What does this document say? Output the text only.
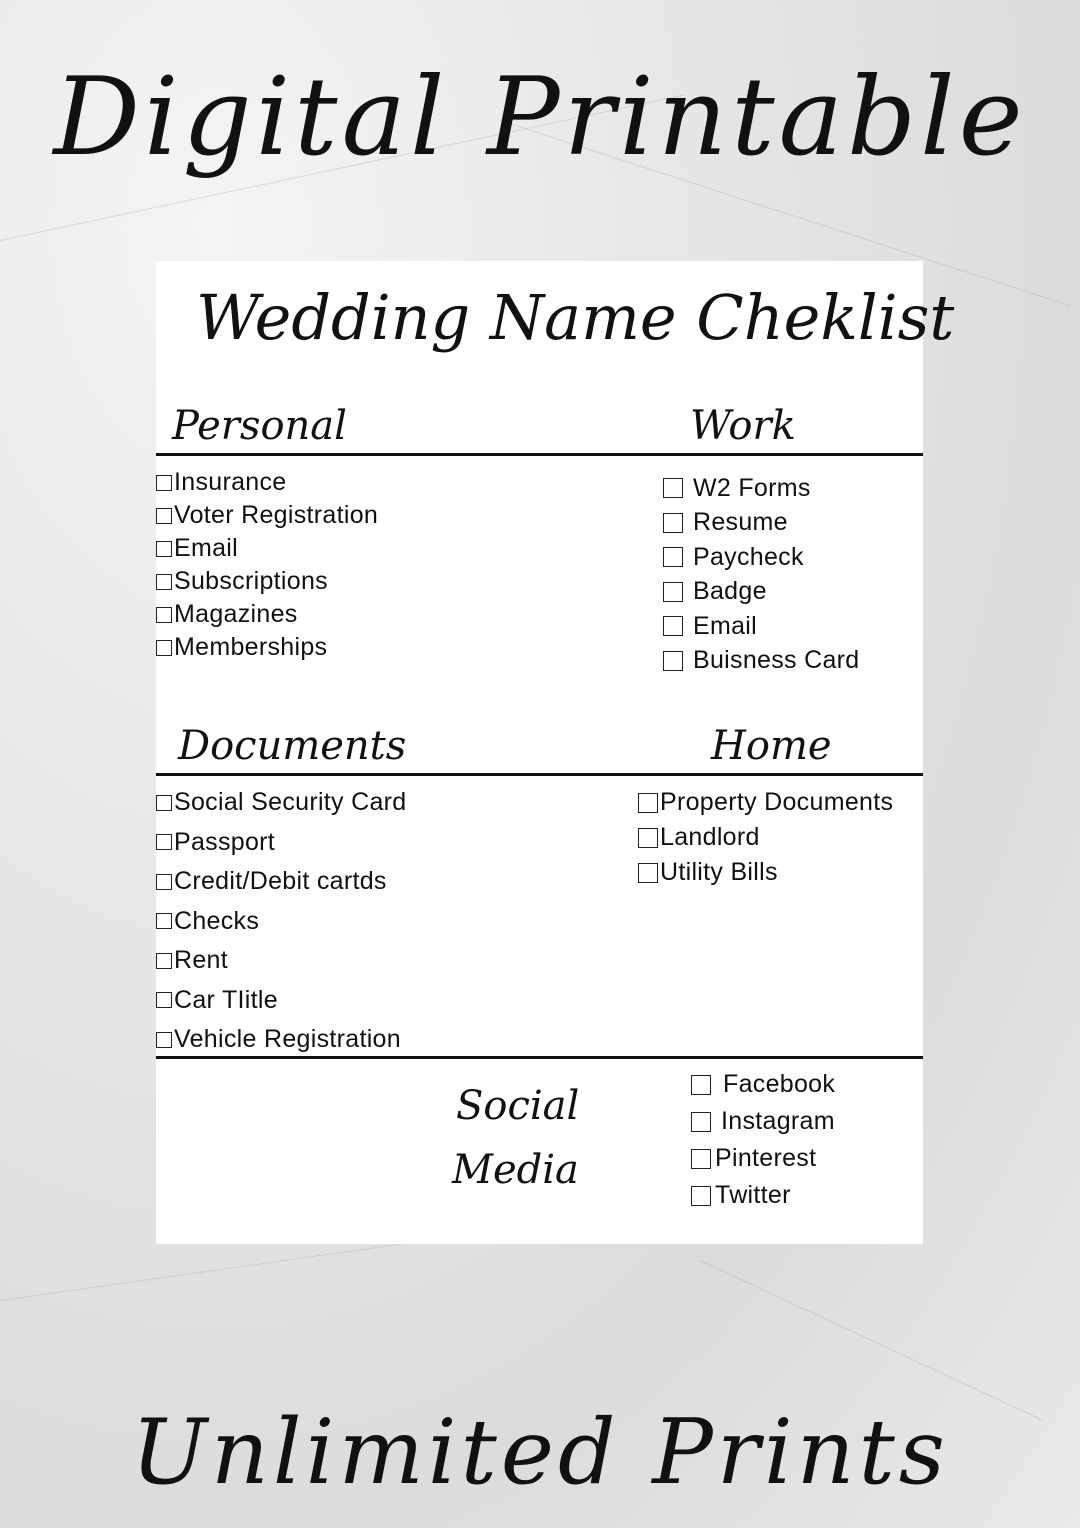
Digital Printable
Wedding Name Cheklist
Personal	Work
Insurance
Voter Registration
Email
Subscriptions
Magazines
Memberships
W2 Forms
Resume
Paycheck
Badge
Email
Buisness Card
Documents	Home
Social Security Card
Passport
Credit/Debit cartds
Checks
Rent
Car TIitle
Vehicle Registration
Property Documents
Landlord
Utility Bills
Social
Media
Facebook
Instagram
Pinterest
Twitter
Unlimited Prints
